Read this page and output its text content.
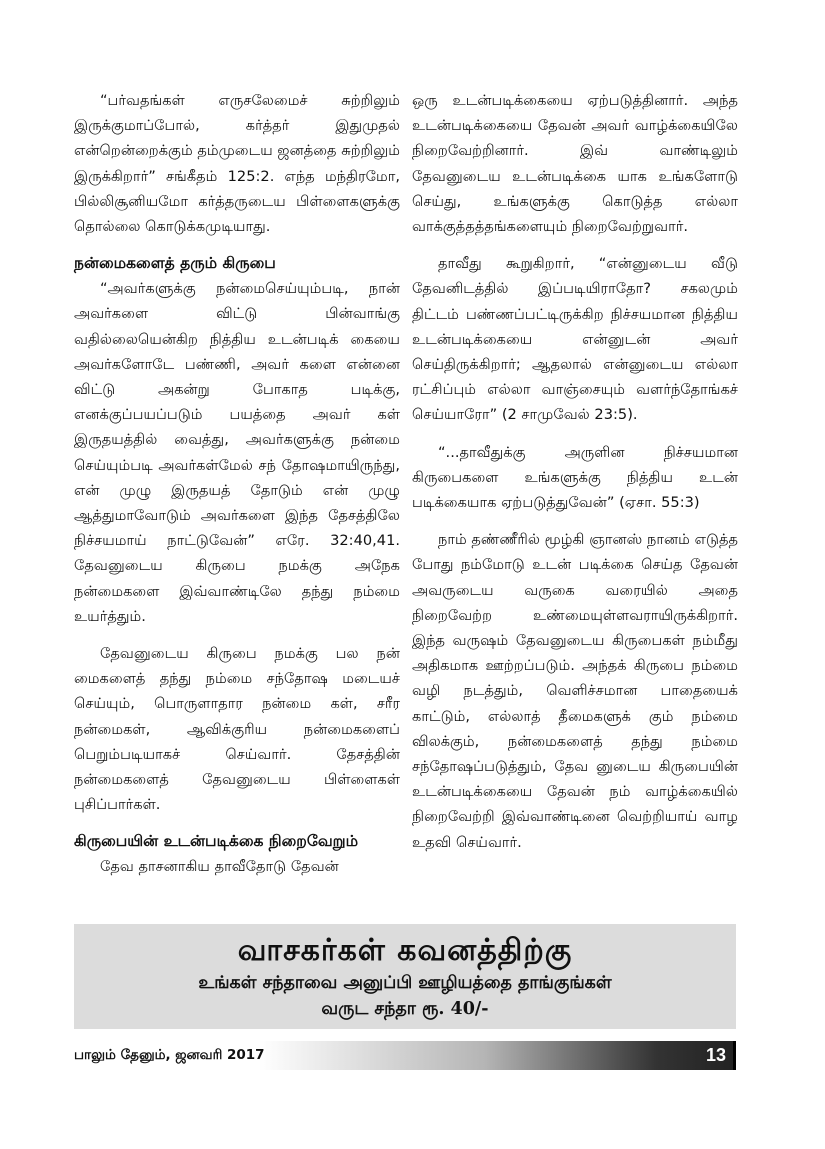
“பர்வதங்கள் எருசலேமைச் சுற்றிலும் இருக்குமாப்போல், கர்த்தர் இதுமுதல் என்றென்றைக்கும் தம்முடைய ஜனத்தை சுற்றிலும் இருக்கிறார்” சங்கீதம் 125:2. எந்த மந்திரமோ, பில்லிசூனியமோ கர்த்தருடைய பிள்ளைகளுக்கு தொல்லை கொடுக்கமுடியாது.

நன்மைகளைத் தரும் கிருபை

“அவர்களுக்கு நன்மைசெய்யும்படி, நான் அவர்களை விட்டு பின்வாங்கு வதில்லையென்கிற நித்திய உடன்படிக் கையை அவர்களோடே பண்ணி, அவர் களை என்னை விட்டு அகன்று போகாத படிக்கு, எனக்குப்பயப்படும் பயத்தை அவர் கள் இருதயத்தில் வைத்து, அவர்களுக்கு நன்மை செய்யும்படி அவர்கள்மேல் சந் தோஷமாயிருந்து, என் முழு இருதயத் தோடும் என் முழு ஆத்துமாவோடும் அவர்களை இந்த தேசத்திலே நிச்சயமாய் நாட்டுவேன்” எரே. 32:40,41. தேவனுடைய கிருபை நமக்கு அநேக நன்மைகளை இவ்வாண்டிலே தந்து நம்மை உயர்த்தும்.

தேவனுடைய கிருபை நமக்கு பல நன் மைகளைத் தந்து நம்மை சந்தோஷ மடையச் செய்யும், பொருளாதார நன்மை கள், சரீர நன்மைகள், ஆவிக்குரிய நன்மைகளைப் பெறும்படியாகச் செய்வார். தேசத்தின் நன்மைகளைத் தேவனுடைய பிள்ளைகள் புசிப்பார்கள்.

கிருபையின் உடன்படிக்கை நிறைவேறும்

தேவ தாசனாகிய தாவீதோடு தேவன்

ஒரு உடன்படிக்கையை ஏற்படுத்தினார். அந்த உடன்படிக்கையை தேவன் அவர் வாழ்க்கையிலே நிறைவேற்றினார். இவ் வாண்டிலும் தேவனுடைய உடன்படிக்கை யாக உங்களோடு செய்து, உங்களுக்கு கொடுத்த எல்லா வாக்குத்தத்தங்களையும் நிறைவேற்றுவார்.

தாவீது கூறுகிறார், “என்னுடைய வீடு தேவனிடத்தில் இப்படியிராதோ? சகலமும் திட்டம் பண்ணப்பட்டிருக்கிற நிச்சயமான நித்திய உடன்படிக்கையை என்னுடன் அவர் செய்திருக்கிறார்; ஆதலால் என்னுடைய எல்லா ரட்சிப்பும் எல்லா வாஞ்சையும் வளர்ந்தோங்கச் செய்யாரோ” (2 சாமுவேல் 23:5).

“...தாவீதுக்கு அருளின நிச்சயமான கிருபைகளை உங்களுக்கு நித்திய உடன் படிக்கையாக ஏற்படுத்துவேன்” (ஏசா. 55:3)

நாம் தண்ணீரில் மூழ்கி ஞானஸ் நானம் எடுத்த போது நம்மோடு உடன் படிக்கை செய்த தேவன் அவருடைய வருகை வரையில் அதை நிறைவேற்ற உண்மையுள்ளவராயிருக்கிறார். இந்த வருஷம் தேவனுடைய கிருபைகள் நம்மீது அதிகமாக ஊற்றப்படும். அந்தக் கிருபை நம்மை வழி நடத்தும், வெளிச்சமான பாதையைக் காட்டும், எல்லாத் தீமைகளுக் கும் நம்மை விலக்கும், நன்மைகளைத் தந்து நம்மை சந்தோஷப்படுத்தும், தேவ னுடைய கிருபையின் உடன்படிக்கையை தேவன் நம் வாழ்க்கையில் நிறைவேற்றி இவ்வாண்டினை வெற்றியாய் வாழ உதவி செய்வார்.

வாசகர்கள் கவனத்திற்கு
உங்கள் சந்தாவை அனுப்பி ஊழியத்தை தாங்குங்கள்
வருட சந்தா ரூ. 40/-
பாலும் தேனும், ஜனவரி 2017	13
